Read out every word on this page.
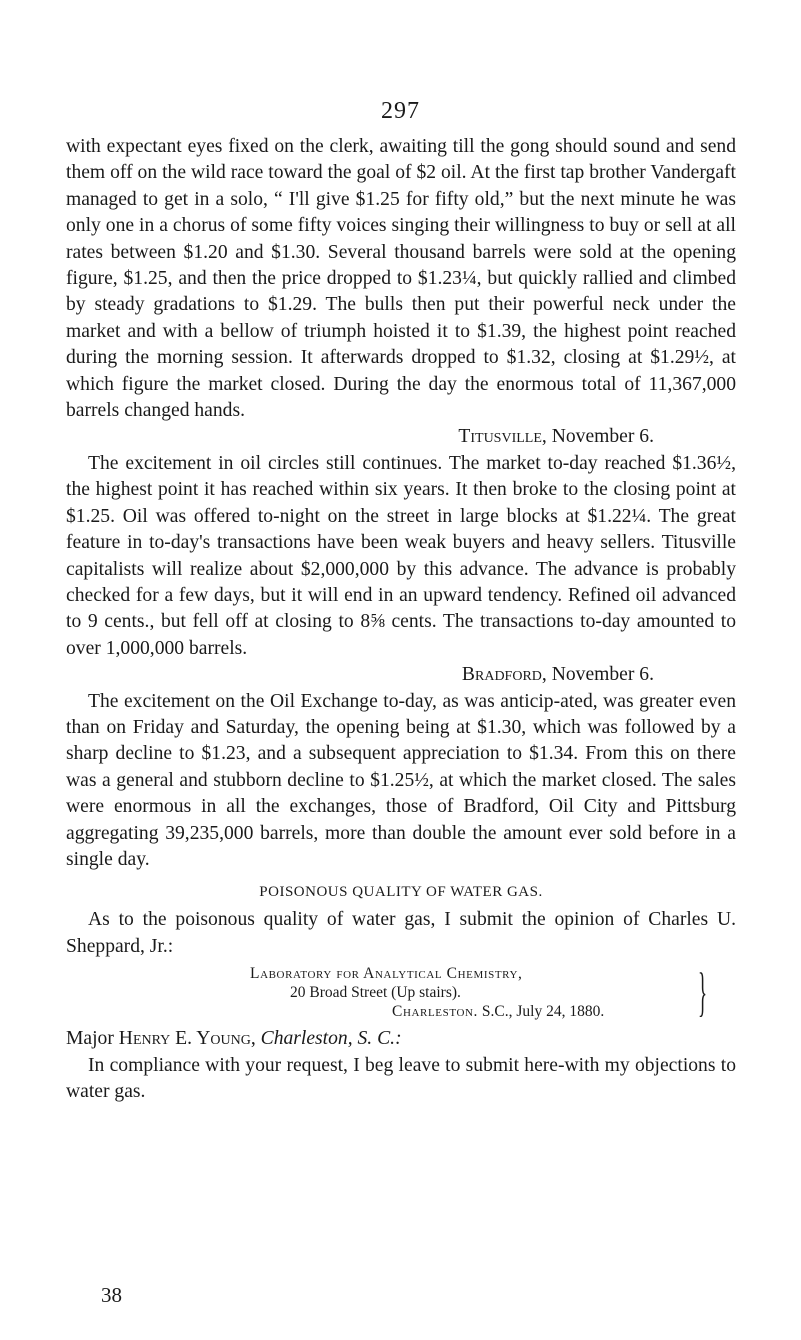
297

with expectant eyes fixed on the clerk, awaiting till the gong should sound and send them off on the wild race toward the goal of $2 oil. At the first tap brother Vandergaft managed to get in a solo, “ I'll give $1.25 for fifty old,” but the next minute he was only one in a chorus of some fifty voices singing their willingness to buy or sell at all rates between $1.20 and $1.30. Several thousand barrels were sold at the opening figure, $1.25, and then the price dropped to $1.23¼, but quickly rallied and climbed by steady gradations to $1.29. The bulls then put their powerful neck under the market and with a bellow of triumph hoisted it to $1.39, the highest point reached during the morning session. It afterwards dropped to $1.32, closing at $1.29½, at which figure the market closed. During the day the enormous total of 11,367,000 barrels changed hands.

Titusville, November 6.

The excitement in oil circles still continues. The market to-day reached $1.36½, the highest point it has reached within six years. It then broke to the closing point at $1.25. Oil was offered to-night on the street in large blocks at $1.22¼. The great feature in to-day's transactions have been weak buyers and heavy sellers. Titusville capitalists will realize about $2,000,000 by this advance. The advance is probably checked for a few days, but it will end in an upward tendency. Refined oil advanced to 9 cents., but fell off at closing to 8⅝ cents. The transactions to-day amounted to over 1,000,000 barrels.

Bradford, November 6.

The excitement on the Oil Exchange to-day, as was anticip-ated, was greater even than on Friday and Saturday, the opening being at $1.30, which was followed by a sharp decline to $1.23, and a subsequent appreciation to $1.34. From this on there was a general and stubborn decline to $1.25½, at which the market closed. The sales were enormous in all the exchanges, those of Bradford, Oil City and Pittsburg aggregating 39,235,000 barrels, more than double the amount ever sold before in a single day.

POISONOUS QUALITY OF WATER GAS.

As to the poisonous quality of water gas, I submit the opinion of Charles U. Sheppard, Jr.:

Laboratory for Analytical Chemistry,
20 Broad Street (Up stairs).
Charleston. S.C., July 24, 1880. }

Major Henry E. Young, Charleston, S. C.:

In compliance with your request, I beg leave to submit here-with my objections to water gas.

38
